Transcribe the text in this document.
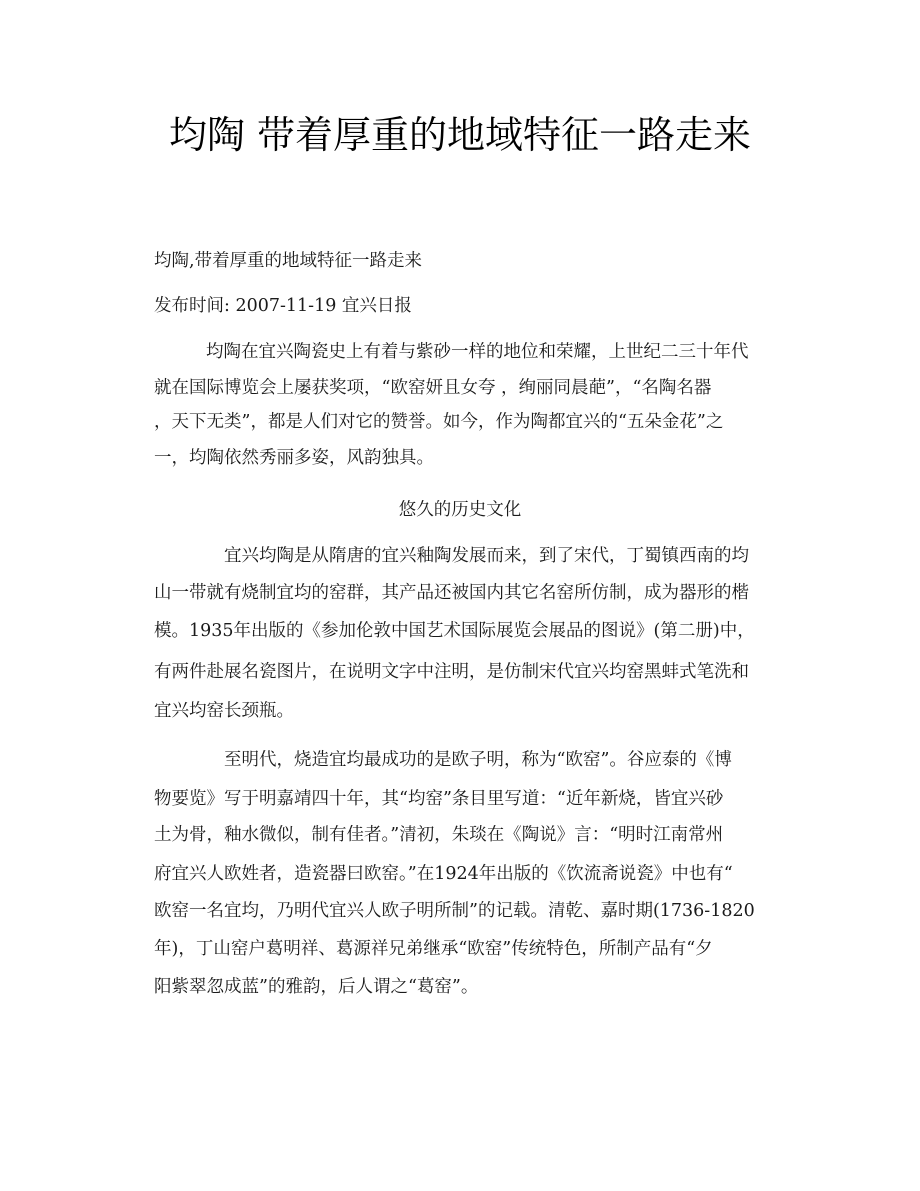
均陶 带着厚重的地域特征一路走来
均陶,带着厚重的地域特征一路走来
发布时间: 2007-11-19 宜兴日报
均陶在宜兴陶瓷史上有着与紫砂一样的地位和荣耀，上世纪二三十年代
就在国际博览会上屡获奖项，“欧窑妍且女夸 ，绚丽同晨葩”，“名陶名器
，天下无类”，都是人们对它的赞誉。如今，作为陶都宜兴的“五朵金花”之
一，均陶依然秀丽多姿，风韵独具。
悠久的历史文化
宜兴均陶是从隋唐的宜兴釉陶发展而来，到了宋代，丁蜀镇西南的均
山一带就有烧制宜均的窑群，其产品还被国内其它名窑所仿制，成为器形的楷
模。1935年出版的《参加伦敦中国艺术国际展览会展品的图说》(第二册)中，
有两件赴展名瓷图片，在说明文字中注明，是仿制宋代宜兴均窑黑蚌式笔洗和
宜兴均窑长颈瓶。
至明代，烧造宜均最成功的是欧子明，称为“欧窑”。谷应泰的《博
物要览》写于明嘉靖四十年，其“均窑”条目里写道：“近年新烧，皆宜兴砂
土为骨，釉水微似，制有佳者。”清初，朱琰在《陶说》言：“明时江南常州
府宜兴人欧姓者，造瓷器曰欧窑。”在1924年出版的《饮流斋说瓷》中也有“
欧窑一名宜均，乃明代宜兴人欧子明所制”的记载。清乾、嘉时期(1736-1820
年)，丁山窑户葛明祥、葛源祥兄弟继承“欧窑”传统特色，所制产品有“夕
阳紫翠忽成蓝”的雅韵，后人谓之“葛窑”。
